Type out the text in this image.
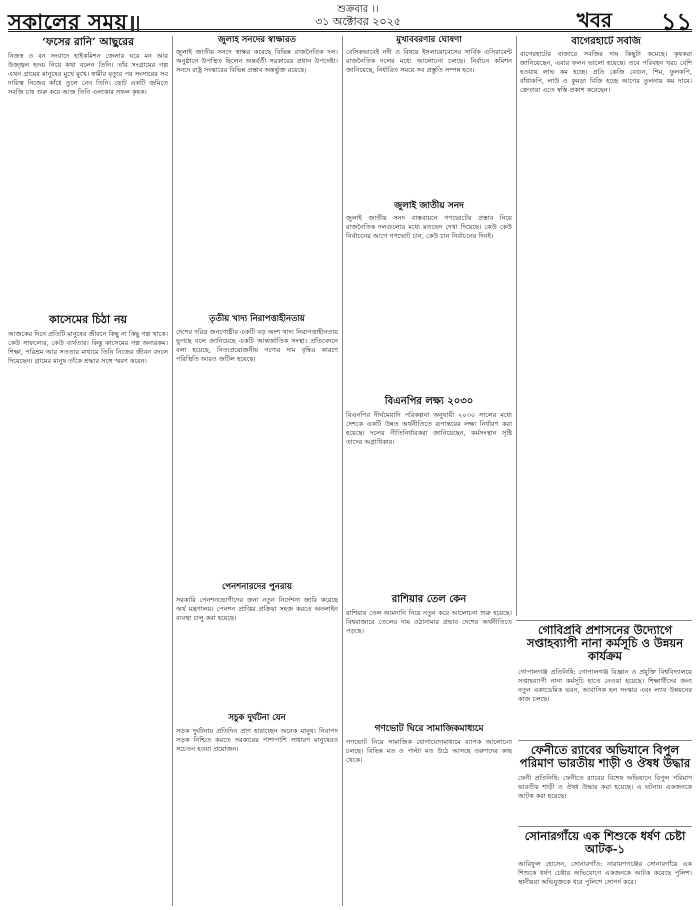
সকালের সময়	শুক্রবার ।।
৩১ অক্টোবর ২০২৫	খবর ১১
‘ফসের রানি’ আছুরের
নিজস্ব ও বন সংবাদে হাইকমিশন জেলার ঘরে মন আর উজ্জ্বল হৃদয় নিয়ে কথা বলেন তিনি। তাঁর সংগ্রামের গল্প এখন গ্রামের মানুষের মুখে মুখে। স্বামীর মৃত্যুর পর সংসারের সব দায়িত্ব নিজের কাঁধে তুলে নেন তিনি। ছোট একটি জমিতে সবজি চাষ শুরু করে আজ তিনি এলাকার সফল কৃষক।
কাসেমের চিঠা নয়
আজকের দিনে প্রতিটি মানুষের জীবনে কিছু না কিছু গল্প থাকে। কেউ সাফল্যের, কেউ ব্যর্থতার। কিন্তু কাসেমের গল্প অন্যরকম। শিক্ষা, পরিশ্রম আর সততার মাধ্যমে তিনি নিজের জীবন বদলে দিয়েছেন। গ্রামের মানুষ তাঁকে শ্রদ্ধার সঙ্গে স্মরণ করেন।
জুলাই সনদের স্বাক্ষরিত
জুলাই জাতীয় সনদে স্বাক্ষর করেছে বিভিন্ন রাজনৈতিক দল। অনুষ্ঠানে উপস্থিত ছিলেন অন্তর্বর্তী সরকারের প্রধান উপদেষ্টা। সনদে রাষ্ট্র সংস্কারের বিভিন্ন প্রস্তাব অন্তর্ভুক্ত রয়েছে।
তৃতীয় খাদ্য নিরাপত্তাহীনতায়
দেশের দরিদ্র জনগোষ্ঠীর একটি বড় অংশ খাদ্য নিরাপত্তাহীনতায় ভুগছে বলে জানিয়েছে একটি আন্তর্জাতিক সংস্থা। প্রতিবেদনে বলা হয়েছে, নিত্যপ্রয়োজনীয় পণ্যের দাম বৃদ্ধির কারণে পরিস্থিতি আরও জটিল হয়েছে।
পেনশনারদের পুনরায়
সরকারি পেনশনভোগীদের জন্য নতুন নির্দেশনা জারি করেছে অর্থ মন্ত্রণালয়। পেনশন প্রাপ্তির প্রক্রিয়া সহজ করতে অনলাইন ব্যবস্থা চালু করা হয়েছে।
সচুক দুর্ঘটনা যেন
সড়ক দুর্ঘটনায় প্রতিদিন প্রাণ হারাচ্ছেন অনেক মানুষ। নিরাপদ সড়ক নিশ্চিত করতে সরকারের পাশাপাশি সাধারণ মানুষেরও সচেতন হওয়া প্রয়োজন।
মুখবিবরণীর ঘোষণা
বেসিকভাবেই নদী ও বিষয়ে ইসলামোবেসের সার্বিক এসিরামেন্ট রাজনৈতিক দলের মধ্যে আলোচনা চলছে। নির্বাচন কমিশন জানিয়েছে, নির্ধারিত সময়ে সব প্রস্তুতি সম্পন্ন হবে।
জুলাই জাতীয় সনদ
জুলাই জাতীয় সনদ বাস্তবায়নে গণভোটের প্রস্তাব নিয়ে রাজনৈতিক দলগুলোর মধ্যে মতভেদ দেখা দিয়েছে। কেউ কেউ নির্বাচনের আগে গণভোট চান, কেউ চান নির্বাচনের দিনই।
বিএনপির লক্ষ্য ২০৩০
বিএনপির দীর্ঘমেয়াদি পরিকল্পনা অনুযায়ী ২০৩০ সালের মধ্যে দেশকে একটি উন্নত অর্থনীতিতে রূপান্তরের লক্ষ্য নির্ধারণ করা হয়েছে। দলের নীতিনির্ধারকরা জানিয়েছেন, কর্মসংস্থান সৃষ্টি তাদের অগ্রাধিকার।
রাশিয়ার তেল কেন
রাশিয়ার তেল আমদানি নিয়ে নতুন করে আলোচনা শুরু হয়েছে। বিশ্ববাজারে তেলের দাম ওঠানামার প্রভাব দেশের অর্থনীতিতে পড়ছে।
গণভোট ঘিরে সামাজিকমাধ্যমে
গণভোট নিয়ে সামাজিক যোগাযোগমাধ্যমে ব্যাপক আলোচনা চলছে। বিভিন্ন মত ও পাল্টা মত উঠে আসছে তরুণদের কাছ থেকে।
বাগেরহাটে সবজি
বাগেরহাটের বাজারে সবজির দাম কিছুটা কমেছে। কৃষকরা জানিয়েছেন, এবার ফলন ভালো হয়েছে। তবে পরিবহন খরচ বেশি হওয়ায় লাভ কম হচ্ছে। প্রতি কেজি বেগুন, শিম, ফুলকপি, বাঁধাকপি, লাউ ও কুমড়া বিক্রি হচ্ছে আগের তুলনায় কম দামে। ক্রেতারা এতে স্বস্তি প্রকাশ করেছেন।
গোবিপ্রবি প্রশাসনের উদ্যোগে সপ্তাহব্যাপী নানা কর্মসূচি ও উন্নয়ন কার্যক্রম
গোপালগঞ্জ প্রতিনিধি: গোপালগঞ্জ বিজ্ঞান ও প্রযুক্তি বিশ্ববিদ্যালয়ে সপ্তাহব্যাপী নানা কর্মসূচি হাতে নেওয়া হয়েছে। শিক্ষার্থীদের জন্য নতুন একাডেমিক ভবন, আবাসিক হল সংস্কার এবং ল্যাব উন্নয়নের কাজ চলছে।
ফেনীতে র‍্যাবের অভিযানে বিপুল পরিমাণ ভারতীয় শাড়ী ও ঔষধ উদ্ধার
ফেনী প্রতিনিধি: ফেনীতে র‍্যাবের বিশেষ অভিযানে বিপুল পরিমাণ ভারতীয় শাড়ী ও ঔষধ উদ্ধার করা হয়েছে। এ ঘটনায় একজনকে আটক করা হয়েছে।
সোনারগাঁয়ে এক শিশুকে ধর্ষণ চেষ্টা আটক-১
আরিফুল হোসেন, সোনারগাঁও: নারায়ণগঞ্জের সোনারগাঁয়ে এক শিশুকে ধর্ষণ চেষ্টার অভিযোগে একজনকে আটক করেছে পুলিশ। স্থানীয়রা অভিযুক্তকে ধরে পুলিশে সোপর্দ করে।
